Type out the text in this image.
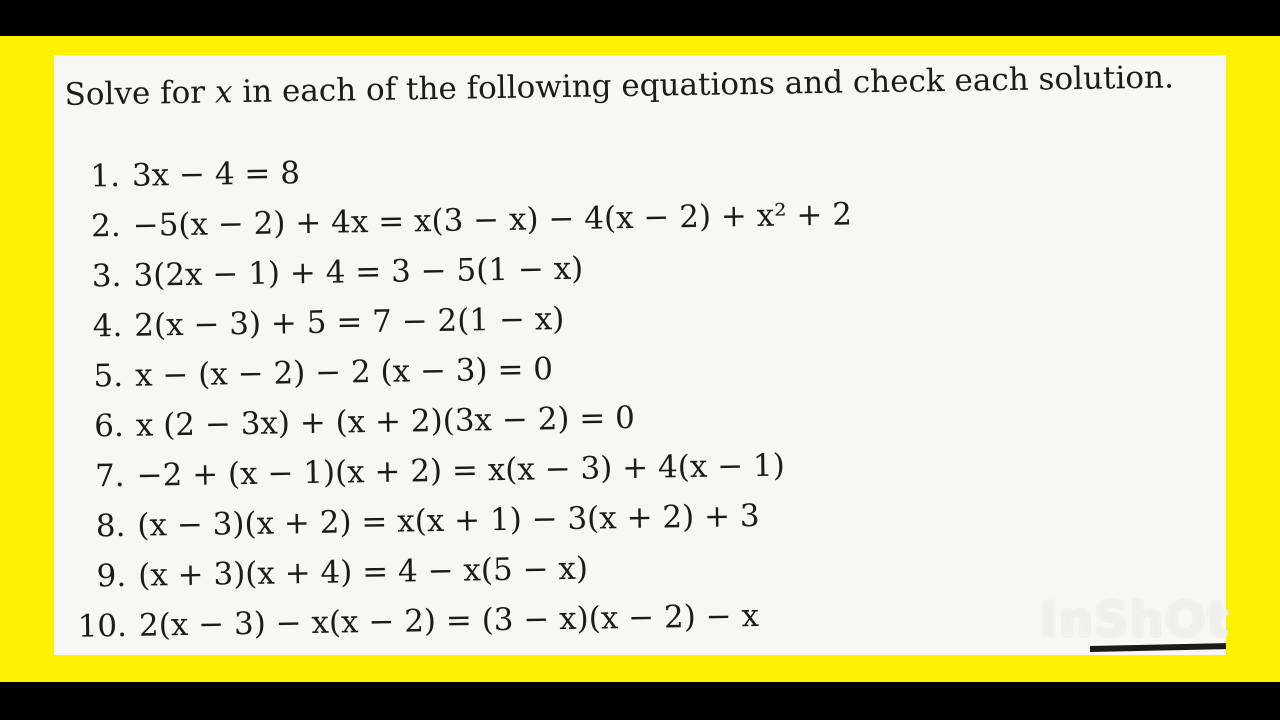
Solve for x in each of the following equations and check each solution.
1. 3x − 4 = 8
2. −5(x − 2) + 4x = x(3 − x) − 4(x − 2) + x² + 2
3. 3(2x − 1) + 4 = 3 − 5(1 − x)
4. 2(x − 3) + 5 = 7 − 2(1 − x)
5. x − (x − 2) − 2 (x − 3) = 0
6. x (2 − 3x) + (x + 2)(3x − 2) = 0
7. −2 + (x − 1)(x + 2) = x(x − 3) + 4(x − 1)
8. (x − 3)(x + 2) = x(x + 1) − 3(x + 2) + 3
9. (x + 3)(x + 4) = 4 − x(5 − x)
10. 2(x − 3) − x(x − 2) = (3 − x)(x − 2) − x	InShOt
